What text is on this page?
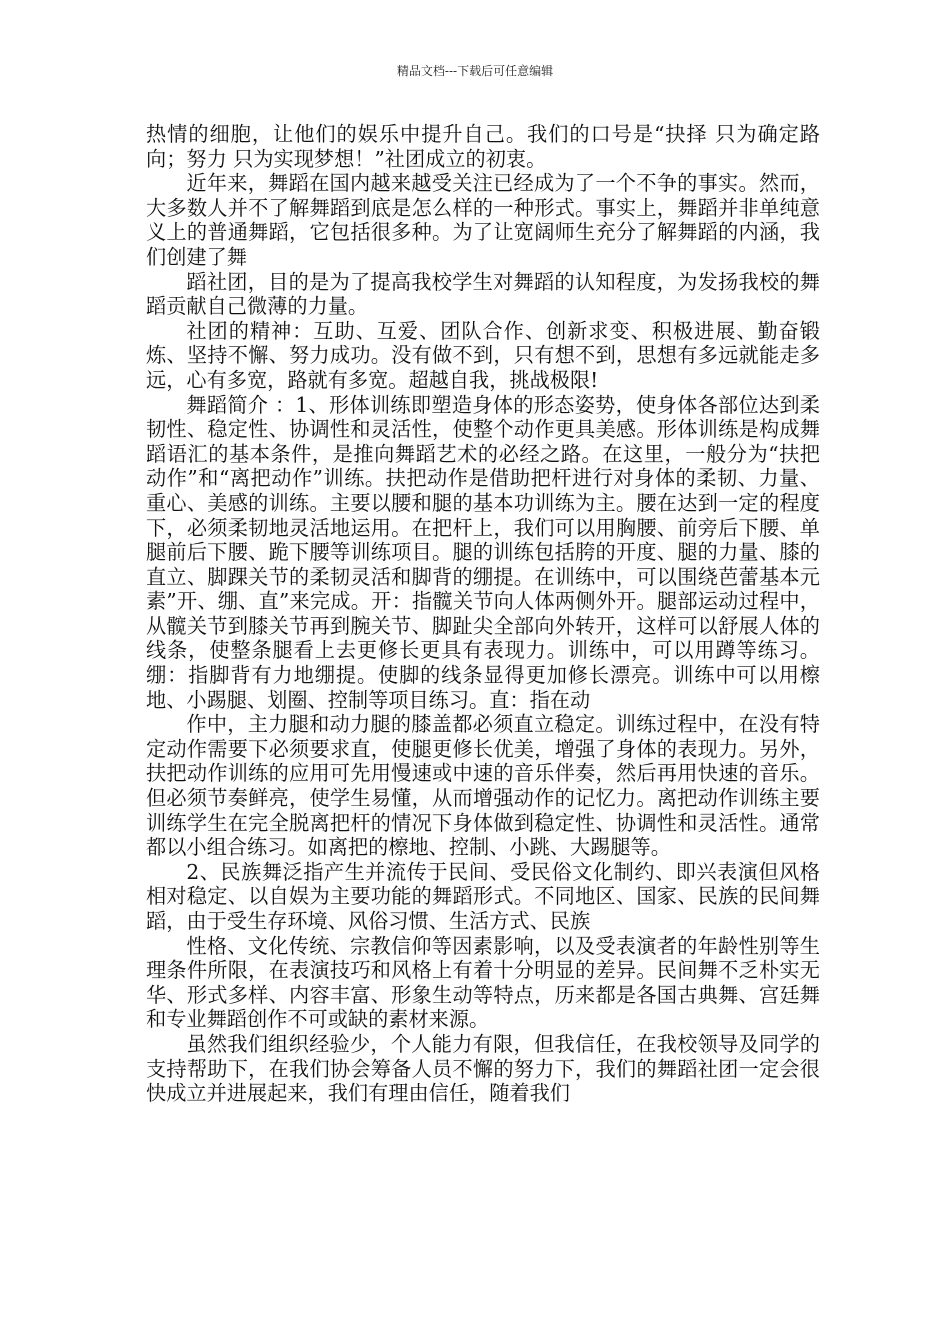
精品文档---下载后可任意编辑

热情的细胞，让他们的娱乐中提升自己。我们的口号是“抉择 只为确定路向；努力 只为实现梦想！”社团成立的初衷。

近年来，舞蹈在国内越来越受关注已经成为了一个不争的事实。然而，大多数人并不了解舞蹈到底是怎么样的一种形式。事实上，舞蹈并非单纯意义上的普通舞蹈，它包括很多种。为了让宽阔师生充分了解舞蹈的内涵，我们创建了舞

蹈社团，目的是为了提高我校学生对舞蹈的认知程度，为发扬我校的舞蹈贡献自己微薄的力量。

社团的精神：互助、互爱、团队合作、创新求变、积极进展、勤奋锻炼、坚持不懈、努力成功。没有做不到，只有想不到，思想有多远就能走多远，心有多宽，路就有多宽。超越自我，挑战极限!

舞蹈简介 ：1、形体训练即塑造身体的形态姿势，使身体各部位达到柔韧性、稳定性、协调性和灵活性，使整个动作更具美感。形体训练是构成舞蹈语汇的基本条件，是推向舞蹈艺术的必经之路。在这里，一般分为“扶把动作”和“离把动作”训练。扶把动作是借助把杆进行对身体的柔韧、力量、重心、美感的训练。主要以腰和腿的基本功训练为主。腰在达到一定的程度下，必须柔韧地灵活地运用。在把杆上，我们可以用胸腰、前旁后下腰、单腿前后下腰、跪下腰等训练项目。腿的训练包括胯的开度、腿的力量、膝的直立、脚踝关节的柔韧灵活和脚背的绷提。在训练中，可以围绕芭蕾基本元素”开、绷、直”来完成。开：指髋关节向人体两侧外开。腿部运动过程中，从髋关节到膝关节再到腕关节、脚趾尖全部向外转开，这样可以舒展人体的线条，使整条腿看上去更修长更具有表现力。训练中，可以用蹲等练习。绷：指脚背有力地绷提。使脚的线条显得更加修长漂亮。训练中可以用檫地、小踢腿、划圈、控制等项目练习。直：指在动

作中，主力腿和动力腿的膝盖都必须直立稳定。训练过程中，在没有特定动作需要下必须要求直，使腿更修长优美，增强了身体的表现力。另外，扶把动作训练的应用可先用慢速或中速的音乐伴奏，然后再用快速的音乐。但必须节奏鲜亮，使学生易懂，从而增强动作的记忆力。离把动作训练主要训练学生在完全脱离把杆的情况下身体做到稳定性、协调性和灵活性。通常都以小组合练习。如离把的檫地、控制、小跳、大踢腿等。

2、民族舞泛指产生并流传于民间、受民俗文化制约、即兴表演但风格相对稳定、以自娱为主要功能的舞蹈形式。不同地区、国家、民族的民间舞蹈，由于受生存环境、风俗习惯、生活方式、民族

性格、文化传统、宗教信仰等因素影响，以及受表演者的年龄性别等生理条件所限，在表演技巧和风格上有着十分明显的差异。民间舞不乏朴实无华、形式多样、内容丰富、形象生动等特点，历来都是各国古典舞、宫廷舞和专业舞蹈创作不可或缺的素材来源。

虽然我们组织经验少，个人能力有限，但我信任，在我校领导及同学的支持帮助下，在我们协会筹备人员不懈的努力下，我们的舞蹈社团一定会很快成立并进展起来，我们有理由信任，随着我们
